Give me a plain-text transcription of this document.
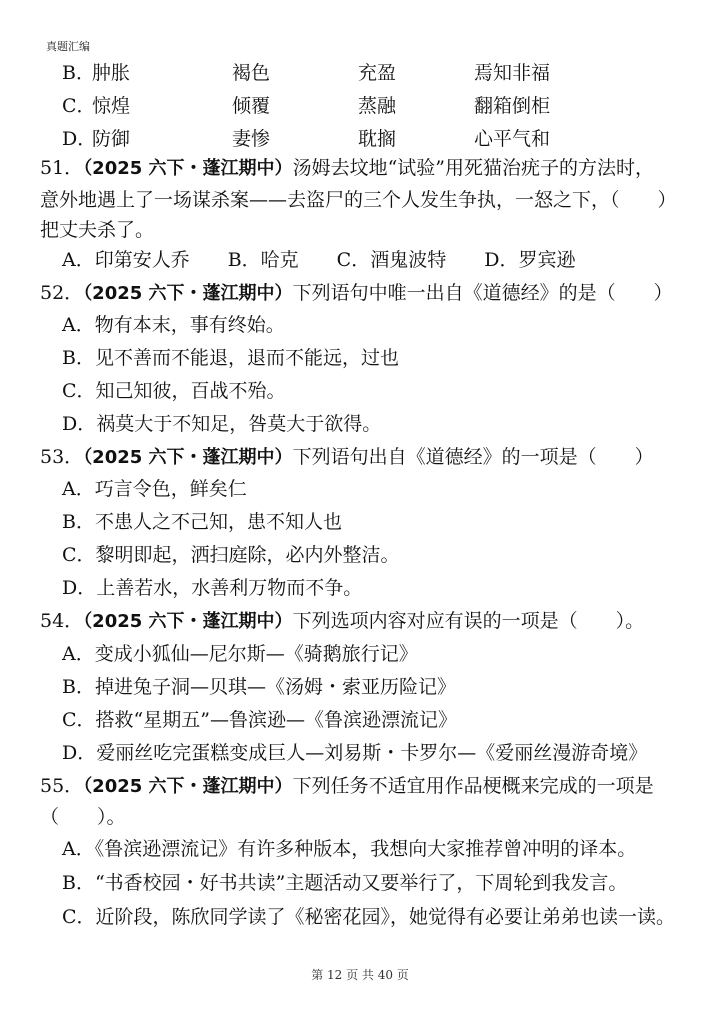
真题汇编
B．
肿胀	褐色	充盈	焉知非福
C．
惊煌	倾覆	蒸融	翻箱倒柜
D．
防御	妻惨	耽搁	心平气和
51．（2025 六下・蓬江期中）汤姆去坟地“试验”用死猫治疣子的方法时，
意外地遇上了一场谋杀案——去盗尸的三个人发生争执，一怒之下，（　　）
把丈夫杀了。
A．印第安人乔　　B．哈克　　C．酒鬼波特　　D．罗宾逊
52．（2025 六下・蓬江期中）下列语句中唯一出自《道德经》的是（　　）
A．物有本末，事有终始。
B．见不善而不能退，退而不能远，过也
C．知己知彼，百战不殆。
D．祸莫大于不知足，咎莫大于欲得。
53．（2025 六下・蓬江期中）下列语句出自《道德经》的一项是（　　）
A．巧言令色，鲜矣仁
B．不患人之不己知，患不知人也
C．黎明即起，洒扫庭除，必内外整洁。
D．上善若水，水善利万物而不争。
54．（2025 六下・蓬江期中）下列选项内容对应有误的一项是（　　）。
A．变成小狐仙—尼尔斯—《骑鹅旅行记》
B．掉进兔子洞—贝琪—《汤姆・索亚历险记》
C．搭救“星期五”—鲁滨逊—《鲁滨逊漂流记》
D．爱丽丝吃完蛋糕变成巨人—刘易斯・卡罗尔—《爱丽丝漫游奇境》
55．（2025 六下・蓬江期中）下列任务不适宜用作品梗概来完成的一项是
（　　）。
A．《鲁滨逊漂流记》有许多种版本，我想向大家推荐曾冲明的译本。
B．“书香校园・好书共读”主题活动又要举行了，下周轮到我发言。
C．近阶段，陈欣同学读了《秘密花园》，她觉得有必要让弟弟也读一读。
第 12 页 共 40 页
